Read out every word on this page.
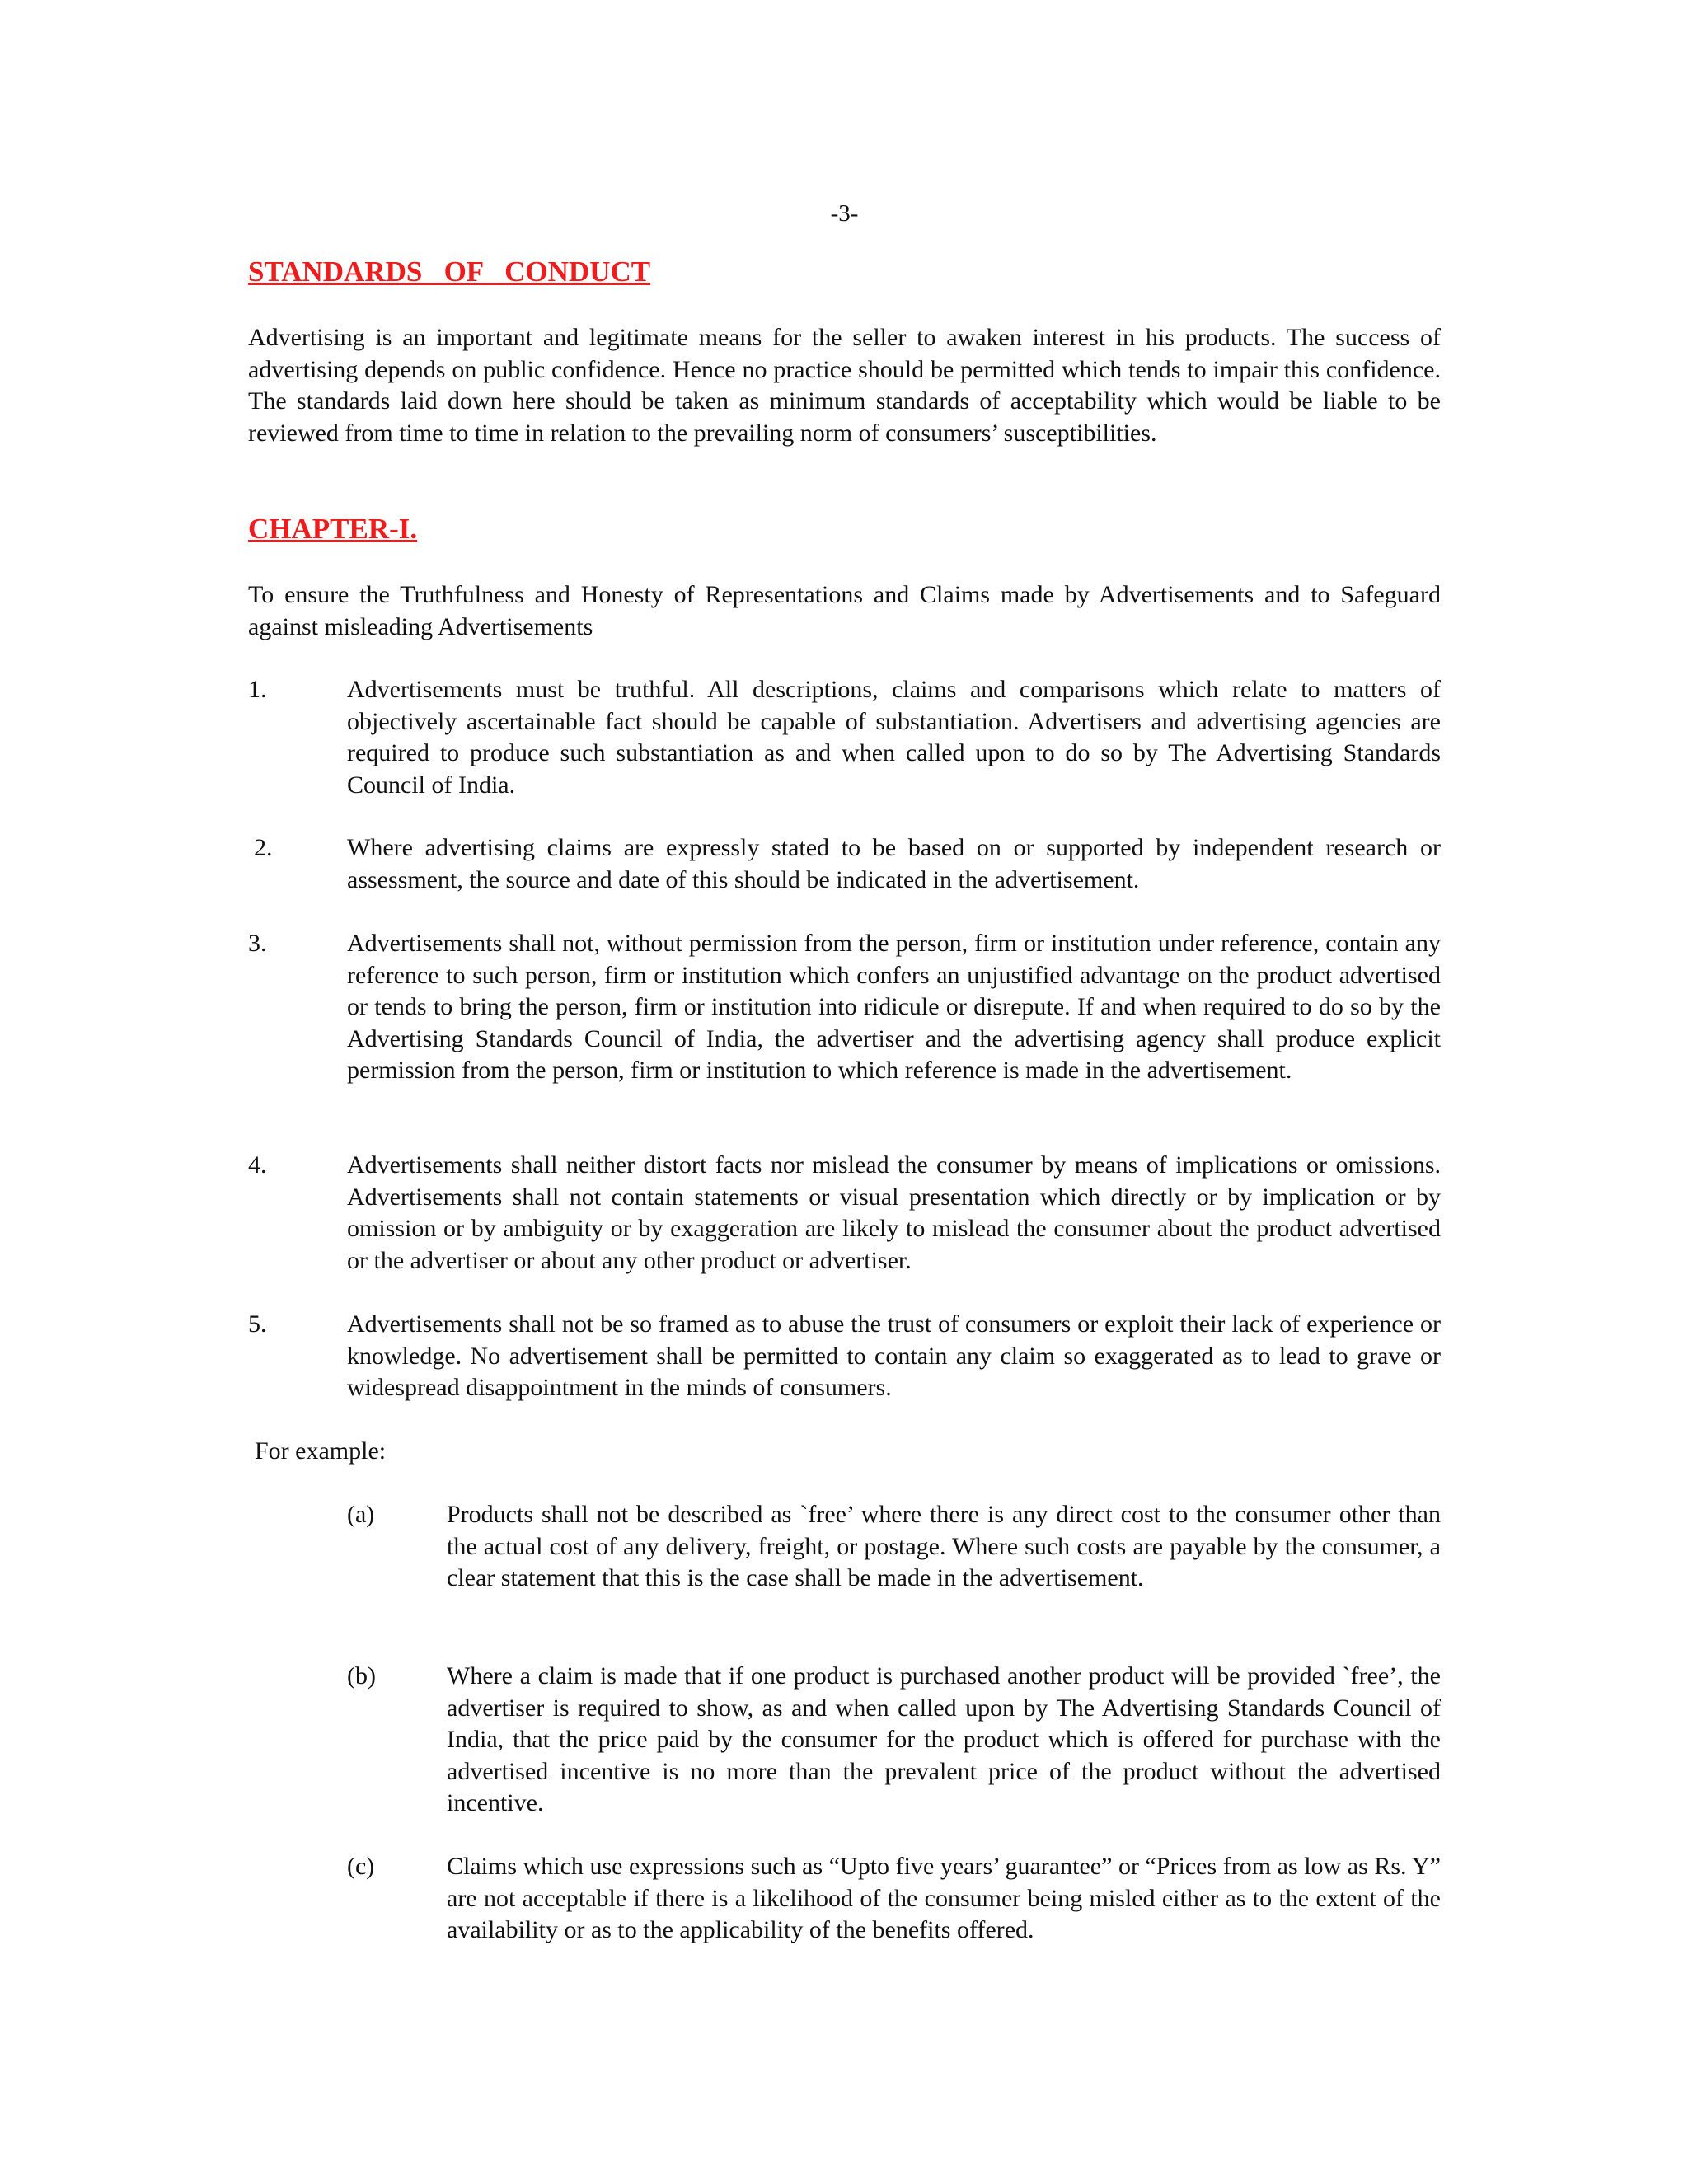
-3-
STANDARDS   OF   CONDUCT
Advertising is an important and legitimate means for the seller to awaken interest in his products. The success of advertising depends on public confidence. Hence no practice should be permitted which tends to impair this confidence. The standards laid down here should be taken as minimum standards of acceptability which would be liable to be reviewed from time to time in relation to the prevailing norm of consumers’ susceptibilities.
CHAPTER-I.
To ensure the Truthfulness and Honesty of Representations and Claims made by Advertisements and to Safeguard against misleading Advertisements
1.	Advertisements must be truthful. All descriptions, claims and comparisons which relate to matters of objectively ascertainable fact should be capable of substantiation. Advertisers and advertising agencies are required to produce such substantiation as and when called upon to do so by The Advertising Standards Council of India.
2.	Where advertising claims are expressly stated to be based on or supported by independent research or assessment, the source and date of this should be indicated in the advertisement.
3.	Advertisements shall not, without permission from the person, firm or institution under reference, contain any reference to such person, firm or institution which confers an unjustified advantage on the product advertised or tends to bring the person, firm or institution into ridicule or disrepute. If and when required to do so by the Advertising Standards Council of India, the advertiser and the advertising agency shall produce explicit permission from the person, firm or institution to which reference is made in the advertisement.
4.	Advertisements shall neither distort facts nor mislead the consumer by means of implications or omissions. Advertisements shall not contain statements or visual presentation which directly or by implication or by omission or by ambiguity or by exaggeration are likely to mislead the consumer about the product advertised or the advertiser or about any other product or advertiser.
5.	Advertisements shall not be so framed as to abuse the trust of consumers or exploit their lack of experience or knowledge. No advertisement shall be permitted to contain any claim so exaggerated as to lead to grave or widespread disappointment in the minds of consumers.
For example:
(a)	Products shall not be described as `free’ where there is any direct cost to the consumer other than the actual cost of any delivery, freight, or postage. Where such costs are payable by the consumer, a clear statement that this is the case shall be made in the advertisement.
(b)	Where a claim is made that if one product is purchased another product will be provided `free’, the advertiser is required to show, as and when called upon by The Advertising Standards Council of India, that the price paid by the consumer for the product which is offered for purchase with the advertised incentive is no more than the prevalent price of the product without the advertised incentive.
(c)	Claims which use expressions such as “Upto five years’ guarantee” or “Prices from as low as Rs. Y” are not acceptable if there is a likelihood of the consumer being misled either as to the extent of the availability or as to the applicability of the benefits offered.
